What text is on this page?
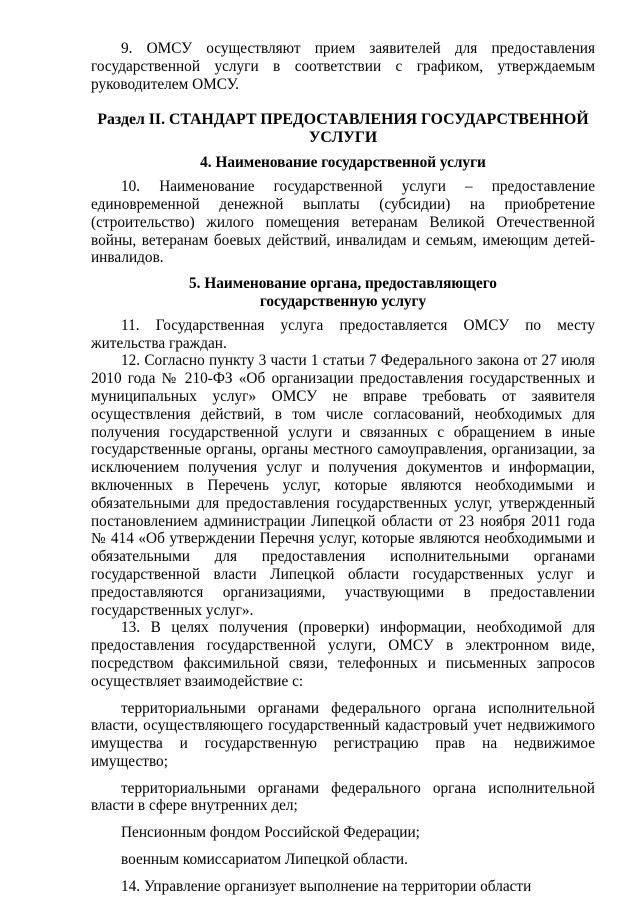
9. ОМСУ осуществляют прием заявителей для предоставления государственной услуги в соответствии с графиком, утверждаемым руководителем ОМСУ.

Раздел II. СТАНДАРТ ПРЕДОСТАВЛЕНИЯ ГОСУДАРСТВЕННОЙ УСЛУГИ

4. Наименование государственной услуги

10. Наименование государственной услуги – предоставление единовременной денежной выплаты (субсидии) на приобретение (строительство) жилого помещения ветеранам Великой Отечественной войны, ветеранам боевых действий, инвалидам и семьям, имеющим детей-инвалидов.

5. Наименование органа, предоставляющего
государственную услугу

11. Государственная услуга предоставляется ОМСУ по месту жительства граждан.

12. Согласно пункту 3 части 1 статьи 7 Федерального закона от 27 июля 2010 года № 210-ФЗ «Об организации предоставления государственных и муниципальных услуг» ОМСУ не вправе требовать от заявителя осуществления действий, в том числе согласований, необходимых для получения государственной услуги и связанных с обращением в иные государственные органы, органы местного самоуправления, организации, за исключением получения услуг и получения документов и информации, включенных в Перечень услуг, которые являются необходимыми и обязательными для предоставления государственных услуг, утвержденный постановлением администрации Липецкой области от 23 ноября 2011 года № 414 «Об утверждении Перечня услуг, которые являются необходимыми и обязательными для предоставления исполнительными органами государственной власти Липецкой области государственных услуг и предоставляются организациями, участвующими в предоставлении государственных услуг».

13. В целях получения (проверки) информации, необходимой для предоставления государственной услуги, ОМСУ в электронном виде, посредством факсимильной связи, телефонных и письменных запросов осуществляет взаимодействие с:

территориальными органами федерального органа исполнительной власти, осуществляющего государственный кадастровый учет недвижимого имущества и государственную регистрацию прав на недвижимое имущество;

территориальными органами федерального органа исполнительной власти в сфере внутренних дел;

Пенсионным фондом Российской Федерации;

военным комиссариатом Липецкой области.

14. Управление организует выполнение на территории области
